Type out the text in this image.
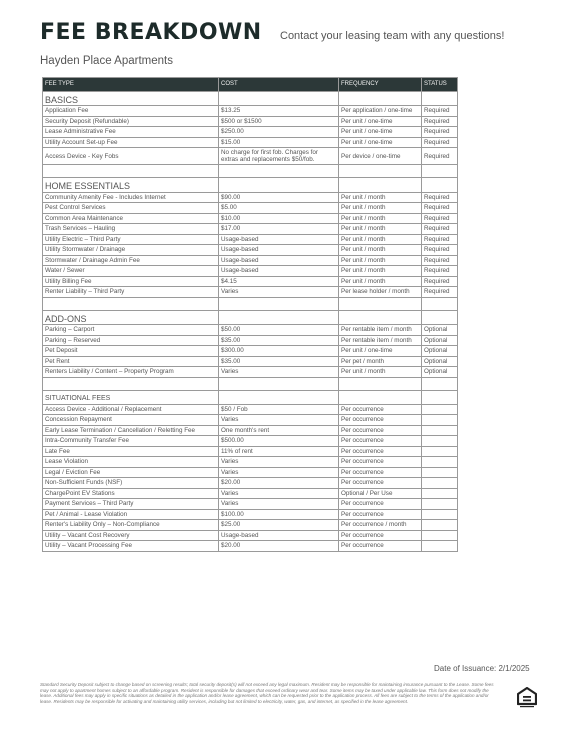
FEE BREAKDOWN Contact your leasing team with any questions!
Hayden Place Apartments
FEE TYPE	COST	FREQUENCY	STATUS
BASICS			
Application Fee	$13.25	Per application / one-time	Required
Security Deposit (Refundable)	$500 or $1500	Per unit / one-time	Required
Lease Administrative Fee	$250.00	Per unit / one-time	Required
Utility Account Set-up Fee	$15.00	Per unit / one-time	Required
Access Device - Key Fobs	No charge for first fob. Charges for extras and replacements $50/fob.	Per device / one-time	Required

HOME ESSENTIALS			
Community Amenity Fee - Includes Internet	$90.00	Per unit / month	Required
Pest Control Services	$5.00	Per unit / month	Required
Common Area Maintenance	$10.00	Per unit / month	Required
Trash Services – Hauling	$17.00	Per unit / month	Required
Utility Electric – Third Party	Usage-based	Per unit / month	Required
Utility Stormwater / Drainage	Usage-based	Per unit / month	Required
Stormwater / Drainage Admin Fee	Usage-based	Per unit / month	Required
Water / Sewer	Usage-based	Per unit / month	Required
Utility Billing Fee	$4.15	Per unit / month	Required
Renter Liability – Third Party	Varies	Per lease holder / month	Required

ADD-ONS			
Parking – Carport	$50.00	Per rentable item / month	Optional
Parking – Reserved	$35.00	Per rentable item / month	Optional
Pet Deposit	$300.00	Per unit / one-time	Optional
Pet Rent	$35.00	Per pet / month	Optional
Renters Liability / Content – Property Program	Varies	Per unit / month	Optional

SITUATIONAL FEES			
Access Device - Additional / Replacement	$50 / Fob	Per occurrence	
Concession Repayment	Varies	Per occurrence	
Early Lease Termination / Cancellation / Reletting Fee	One month's rent	Per occurrence	
Intra-Community Transfer Fee	$500.00	Per occurrence	
Late Fee	11% of rent	Per occurrence	
Lease Violation	Varies	Per occurrence	
Legal / Eviction Fee	Varies	Per occurrence	
Non-Sufficient Funds (NSF)	$20.00	Per occurrence	
ChargePoint EV Stations	Varies	Optional / Per Use	
Payment Services – Third Party	Varies	Per occurrence	
Pet / Animal - Lease Violation	$100.00	Per occurrence	
Renter's Liability Only – Non-Compliance	$25.00	Per occurrence / month	
Utility – Vacant Cost Recovery	Usage-based	Per occurrence	
Utility – Vacant Processing Fee	$20.00	Per occurrence	
Date of Issuance: 2/1/2025
Standard Security Deposit subject to change based on screening results; total security deposit(s) will not exceed any legal maximum. Resident may be responsible for maintaining insurance pursuant to the Lease. Some fees may not apply to apartment homes subject to an affordable program. Resident is responsible for damages that exceed ordinary wear and tear. Some items may be taxed under applicable law. This form does not modify the lease. Additional fees may apply in specific situations as detailed in the application and/or lease agreement, which can be requested prior to the application process. All fees are subject to the terms of the application and/or lease. Residents may be responsible for activating and maintaining utility services, including but not limited to electricity, water, gas, and internet, as specified in the lease agreement.
